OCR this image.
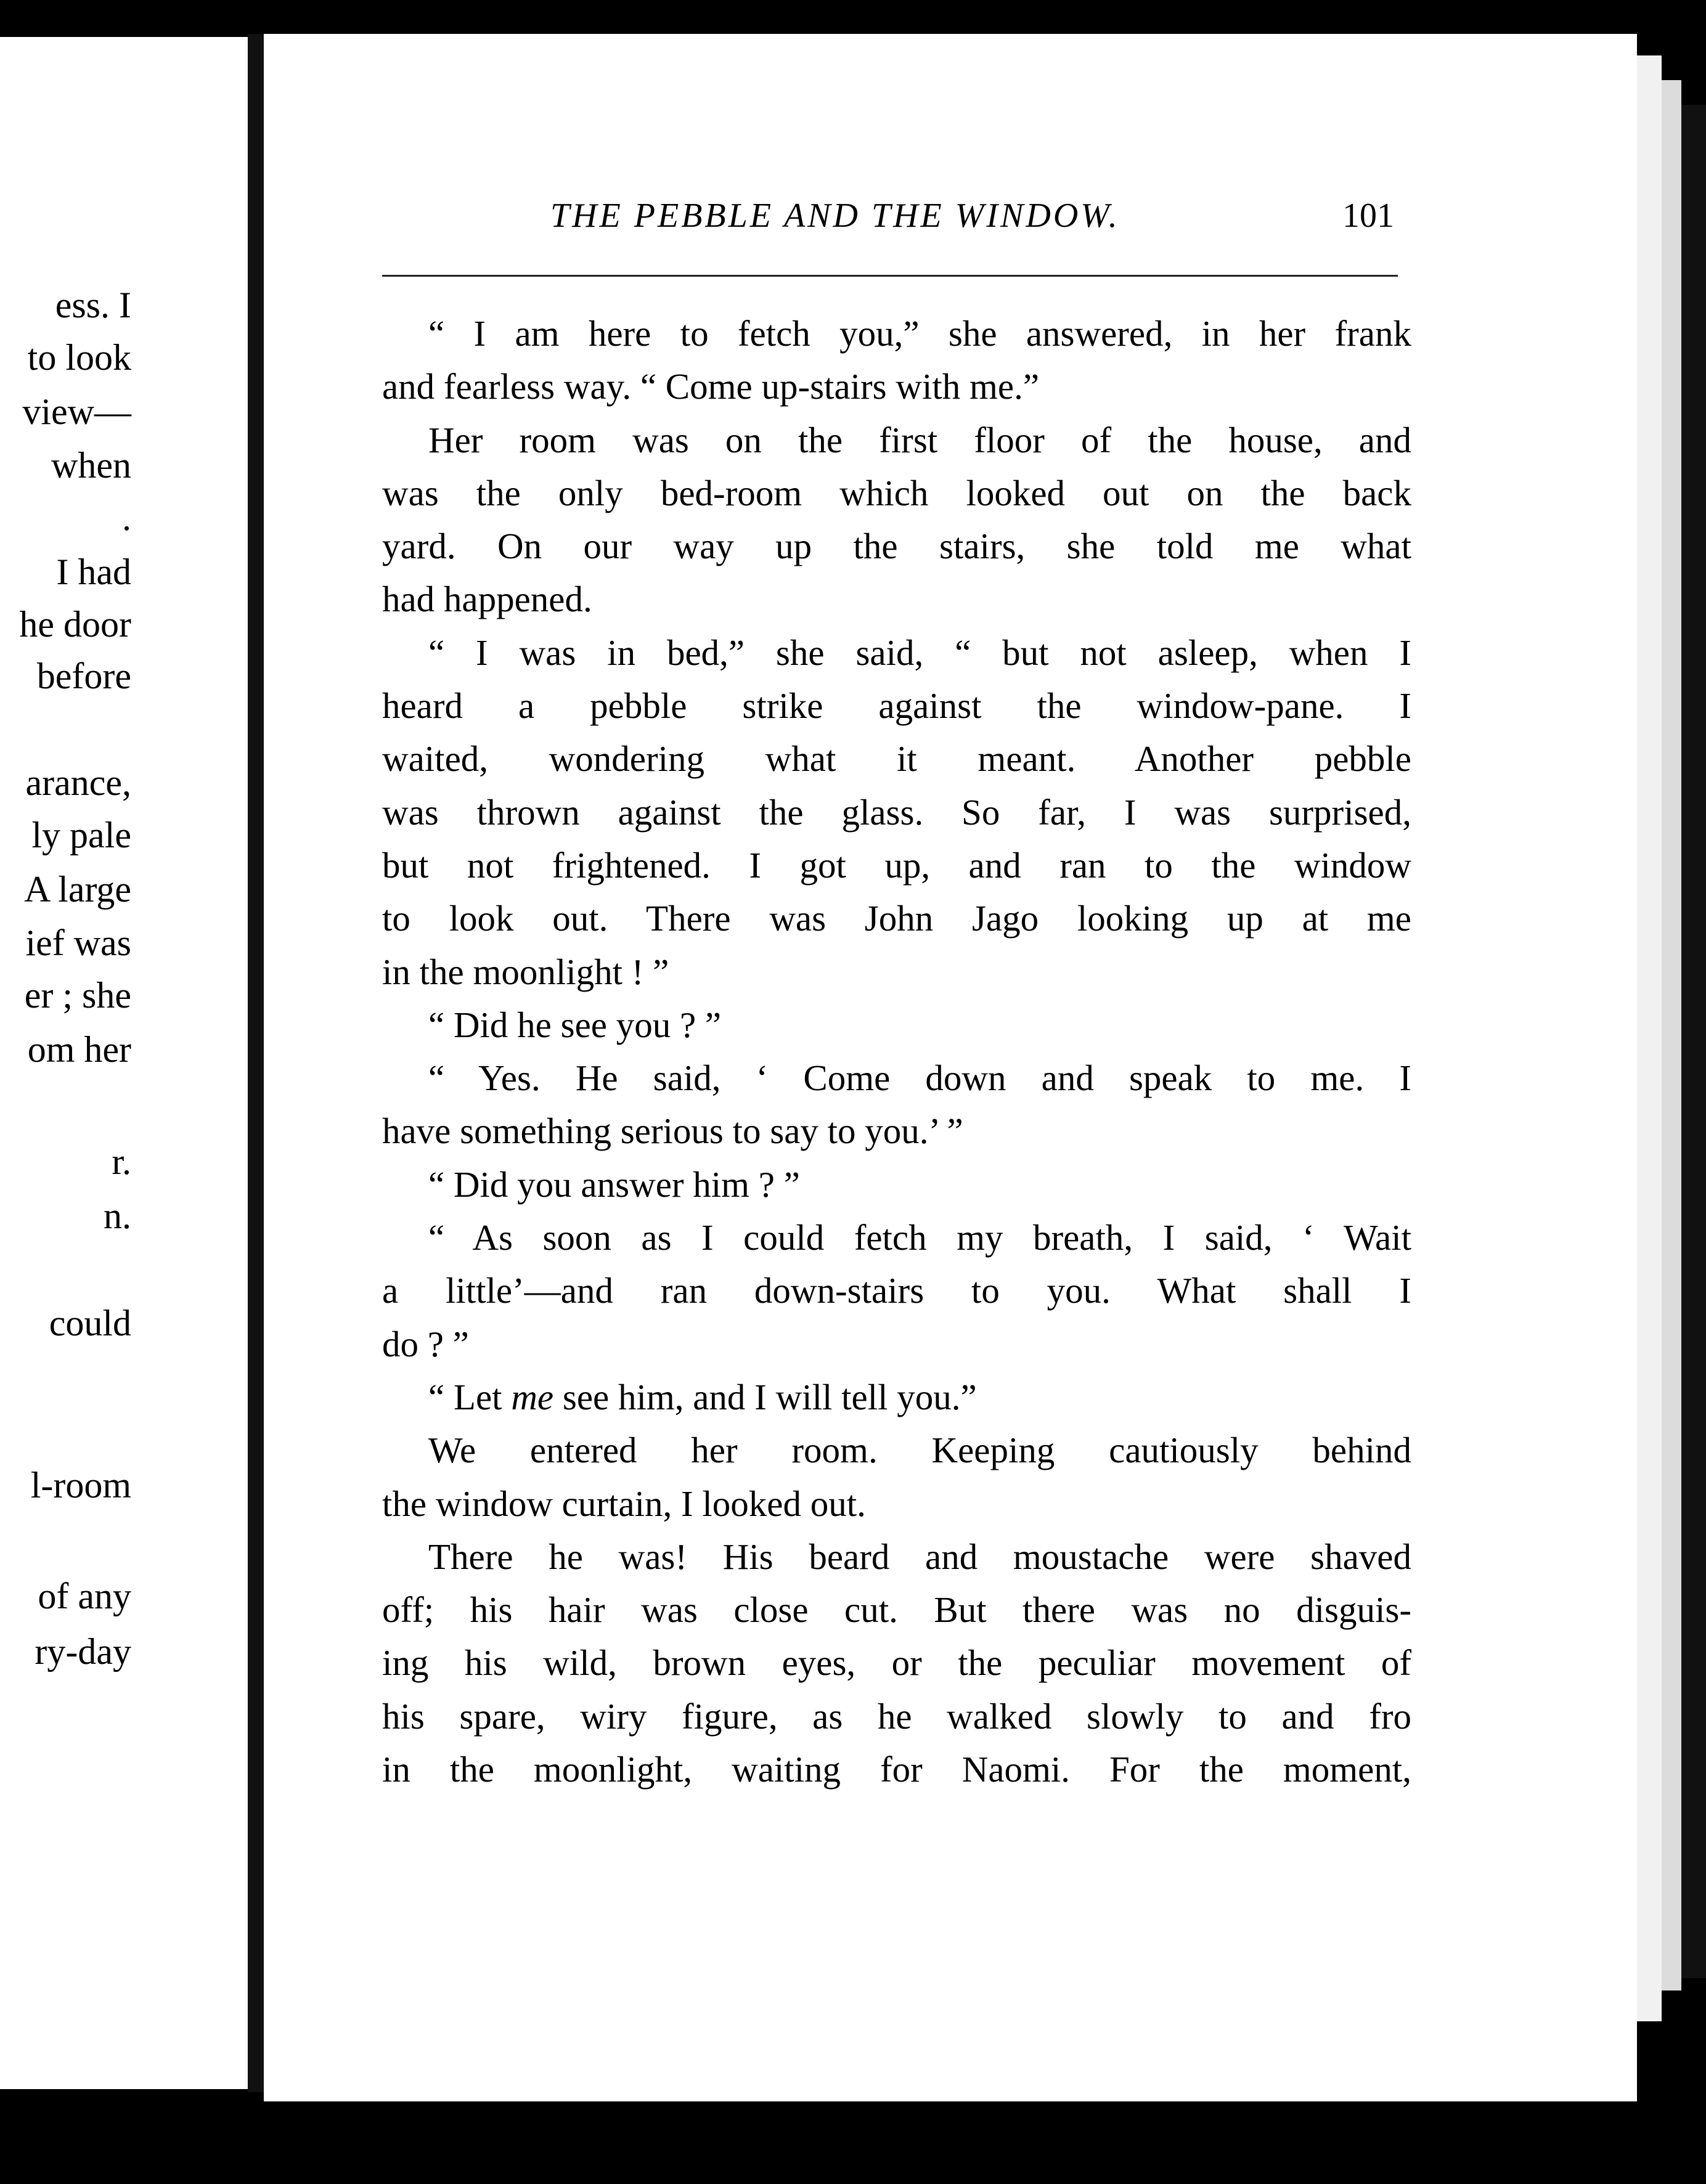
ess. I
to look
view—
when
.
I had
he door
before
arance,
ly pale
A large
ief was
er ; she
om her
r.
n.
could
l-room
of any
ry-day
THE PEBBLE AND THE WINDOW.	101
“ I am here to fetch you,” she answered, in her frank
and fearless way. “ Come up-stairs with me.”
Her room was on the first floor of the house, and
was the only bed-room which looked out on the back
yard. On our way up the stairs, she told me what
had happened.
“ I was in bed,” she said, “ but not asleep, when I
heard a pebble strike against the window-pane. I
waited, wondering what it meant. Another pebble
was thrown against the glass. So far, I was surprised,
but not frightened. I got up, and ran to the window
to look out. There was John Jago looking up at me
in the moonlight ! ”
“ Did he see you ? ”
“ Yes. He said, ‘ Come down and speak to me. I
have something serious to say to you.’ ”
“ Did you answer him ? ”
“ As soon as I could fetch my breath, I said, ‘ Wait
a little’—and ran down-stairs to you. What shall I
do ? ”
“ Let me see him, and I will tell you.”
We entered her room. Keeping cautiously behind
the window curtain, I looked out.
There he was! His beard and moustache were shaved
off; his hair was close cut. But there was no disguis-
ing his wild, brown eyes, or the peculiar movement of
his spare, wiry figure, as he walked slowly to and fro
in the moonlight, waiting for Naomi. For the moment,
